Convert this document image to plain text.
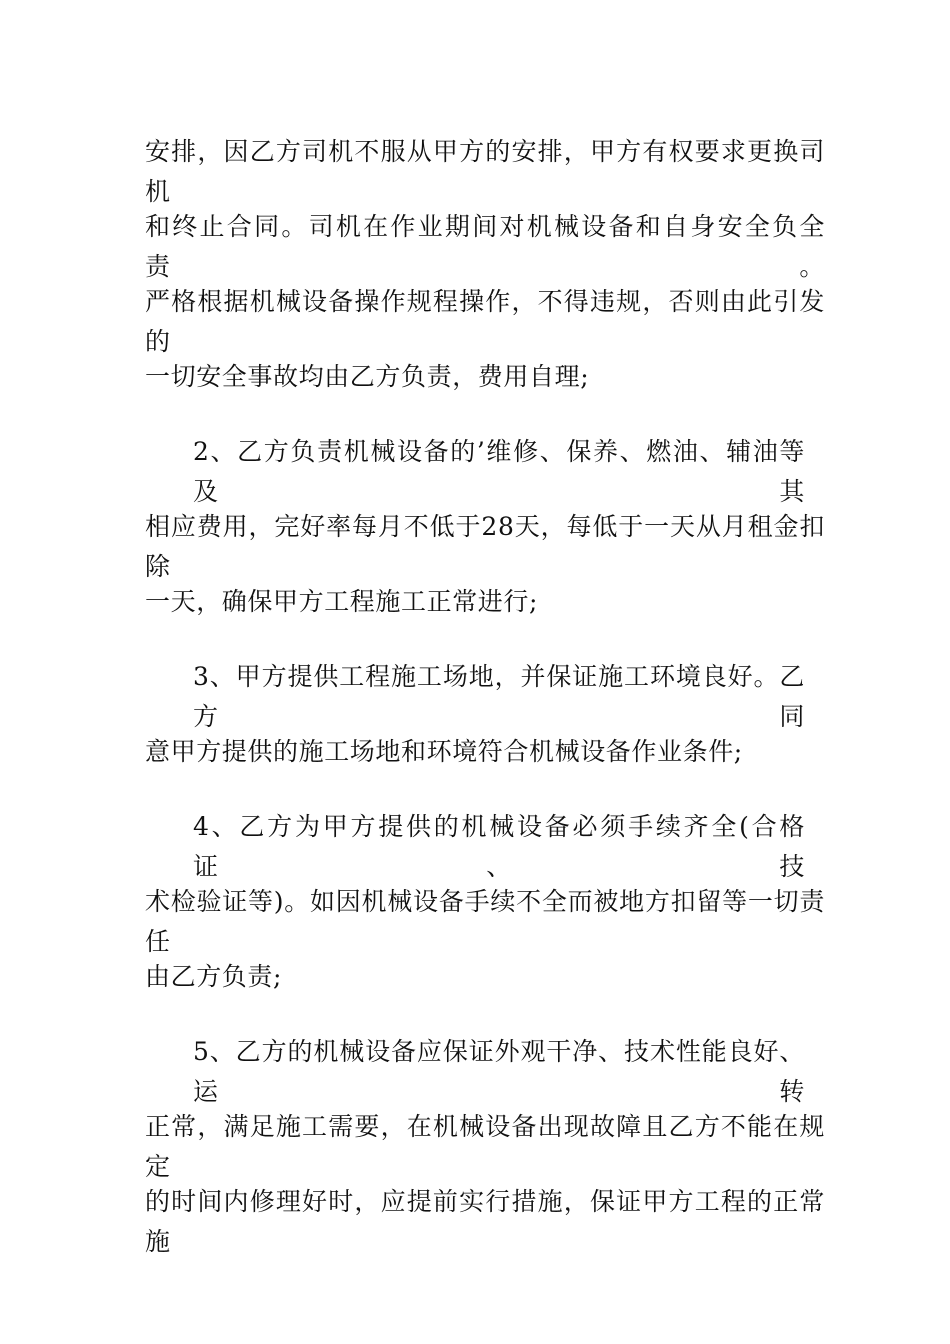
安排，因乙方司机不服从甲方的安排，甲方有权要求更换司机
和终止合同。司机在作业期间对机械设备和自身安全负全责。
严格根据机械设备操作规程操作，不得违规，否则由此引发的
一切安全事故均由乙方负责，费用自理;
2、乙方负责机械设备的’维修、保养、燃油、辅油等及其
相应费用，完好率每月不低于28天，每低于一天从月租金扣除
一天，确保甲方工程施工正常进行;
3、甲方提供工程施工场地，并保证施工环境良好。乙方同
意甲方提供的施工场地和环境符合机械设备作业条件;
4、乙方为甲方提供的机械设备必须手续齐全(合格证、技
术检验证等)。如因机械设备手续不全而被地方扣留等一切责任
由乙方负责;
5、乙方的机械设备应保证外观干净、技术性能良好、运转
正常，满足施工需要，在机械设备出现故障且乙方不能在规定
的时间内修理好时，应提前实行措施，保证甲方工程的正常施
